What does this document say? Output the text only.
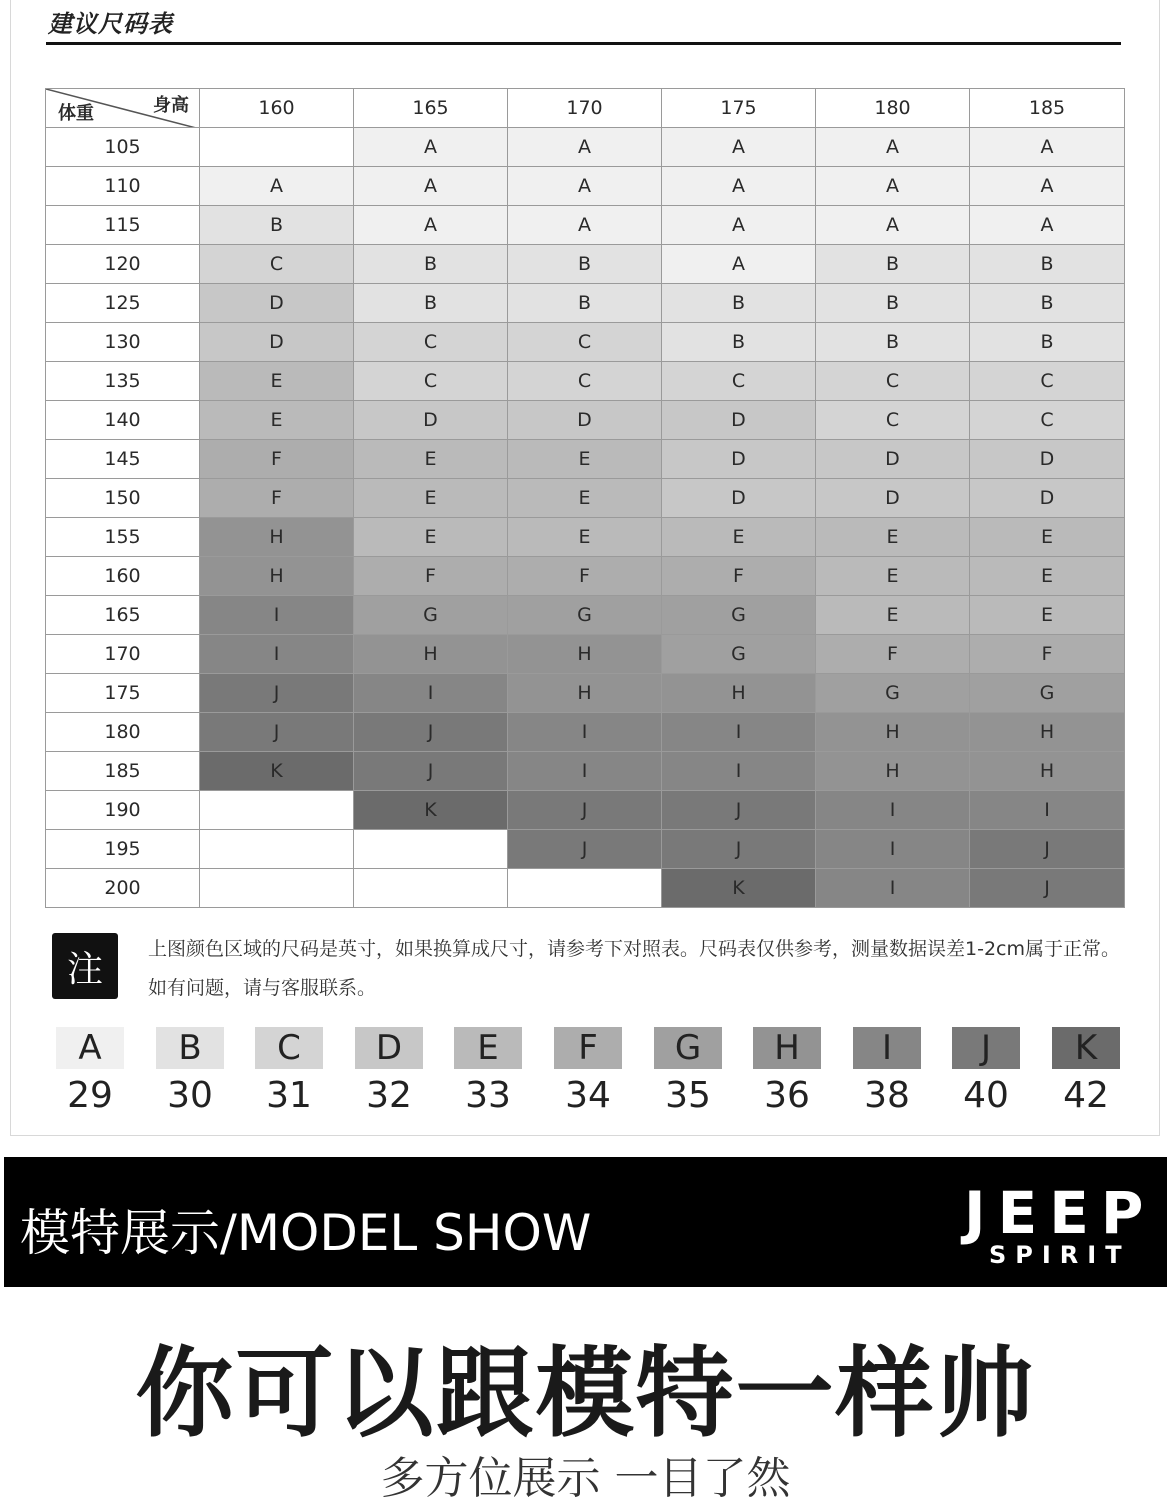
建议尺码表
身高
体重	160	165	170	175	180	185
105		A	A	A	A	A
110	A	A	A	A	A	A
115	B	A	A	A	A	A
120	C	B	B	A	B	B
125	D	B	B	B	B	B
130	D	C	C	B	B	B
135	E	C	C	C	C	C
140	E	D	D	D	C	C
145	F	E	E	D	D	D
150	F	E	E	D	D	D
155	H	E	E	E	E	E
160	H	F	F	F	E	E
165	I	G	G	G	E	E
170	I	H	H	G	F	F
175	J	I	H	H	G	G
180	J	J	I	I	H	H
185	K	J	I	I	H	H
190		K	J	J	I	I
195			J	J	I	J
200				K	I	J
注	上图颜色区域的尺码是英寸，如果换算成尺寸，请参考下对照表。尺码表仅供参考，测量数据误差1-2cm属于正常。如有问题，请与客服联系。
A
29
B
30
C
31
D
32
E
33
F
34
G
35
H
36
I
38
J
40
K
42
模特展示/MODEL SHOW	JEEP
SPIRIT
你可以跟模特一样帅
多方位展示 一目了然
